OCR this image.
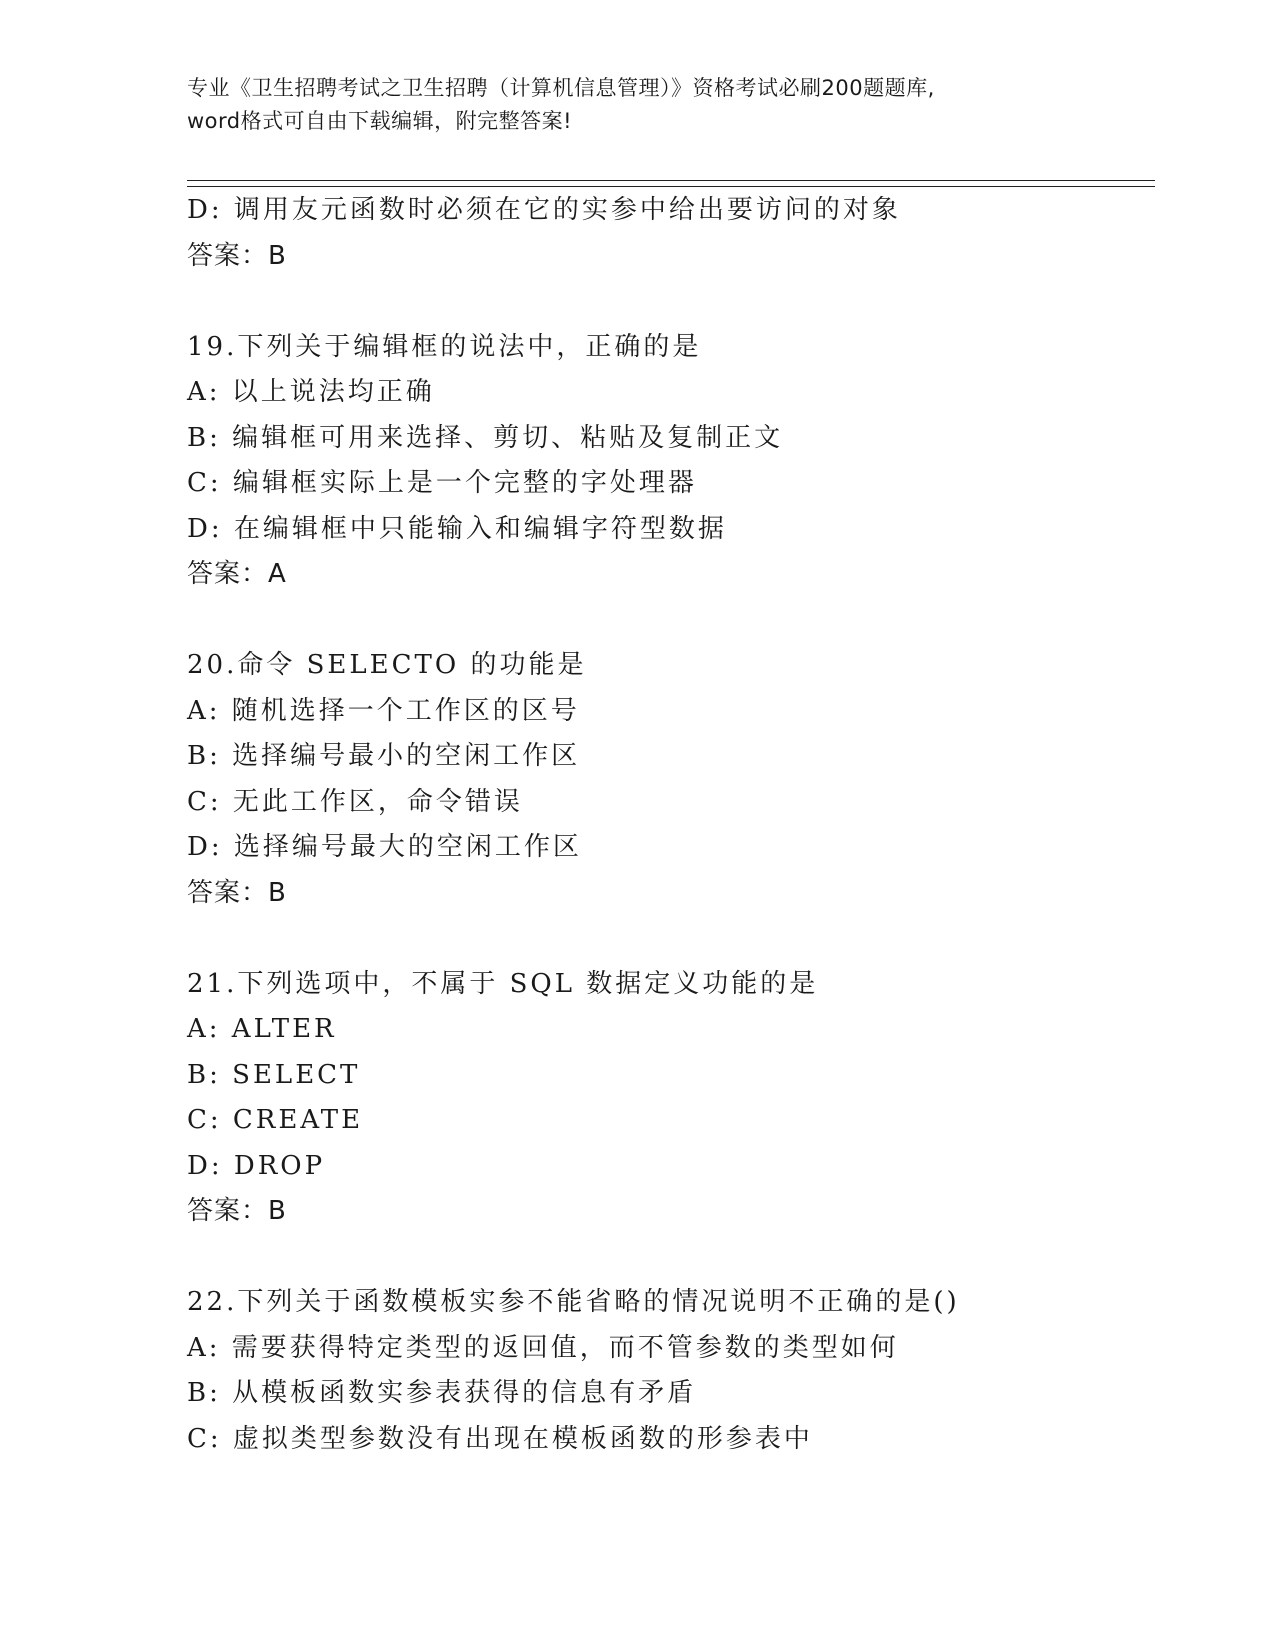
专业《卫生招聘考试之卫生招聘（计算机信息管理）》资格考试必刷200题题库,
word格式可自由下载编辑，附完整答案!
D: 调用友元函数时必须在它的实参中给出要访问的对象
答案：B
19.下列关于编辑框的说法中，正确的是
A: 以上说法均正确
B: 编辑框可用来选择、剪切、粘贴及复制正文
C: 编辑框实际上是一个完整的字处理器
D: 在编辑框中只能输入和编辑字符型数据
答案：A
20.命令 SELECTO 的功能是
A: 随机选择一个工作区的区号
B: 选择编号最小的空闲工作区
C: 无此工作区，命令错误
D: 选择编号最大的空闲工作区
答案：B
21.下列选项中，不属于 SQL 数据定义功能的是
A: ALTER
B: SELECT
C: CREATE
D: DROP
答案：B
22.下列关于函数模板实参不能省略的情况说明不正确的是()
A: 需要获得特定类型的返回值，而不管参数的类型如何
B: 从模板函数实参表获得的信息有矛盾
C: 虚拟类型参数没有出现在模板函数的形参表中
